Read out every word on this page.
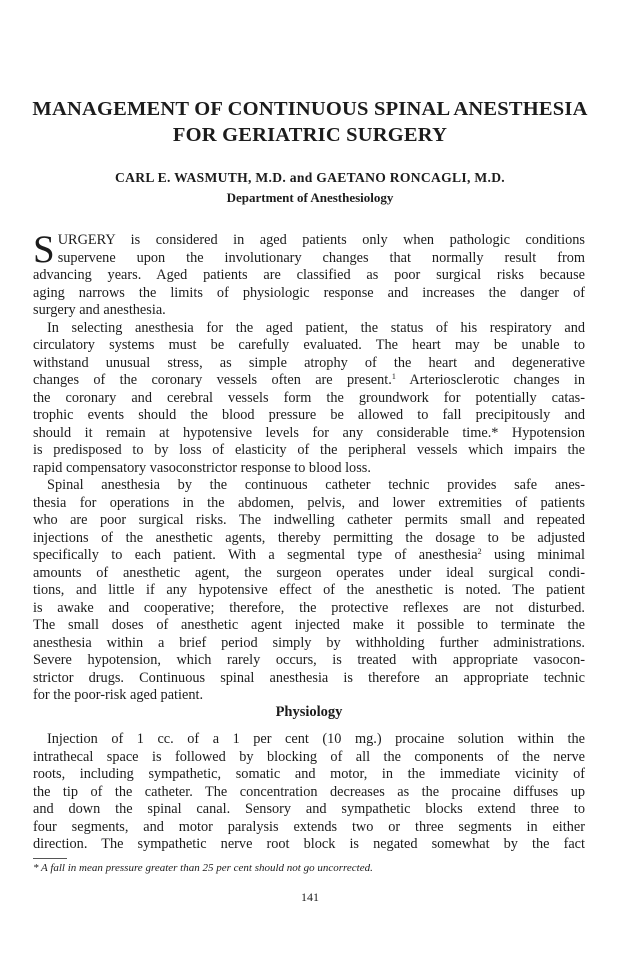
MANAGEMENT OF CONTINUOUS SPINAL ANESTHESIA
FOR GERIATRIC SURGERY
CARL E. WASMUTH, M.D. and GAETANO RONCAGLI, M.D.
Department of Anesthesiology

S URGERY is considered in aged patients only when pathologic conditions
supervene upon the involutionary changes that normally result from
advancing years. Aged patients are classified as poor surgical risks because
aging narrows the limits of physiologic response and increases the danger of
surgery and anesthesia.

In selecting anesthesia for the aged patient, the status of his respiratory and
circulatory systems must be carefully evaluated. The heart may be unable to
withstand unusual stress, as simple atrophy of the heart and degenerative
changes of the coronary vessels often are present.$^1$ Arteriosclerotic changes in
the coronary and cerebral vessels form the groundwork for potentially catas-
trophic events should the blood pressure be allowed to fall precipitously and
should it remain at hypotensive levels for any considerable time.* Hypotension
is predisposed to by loss of elasticity of the peripheral vessels which impairs the
rapid compensatory vasoconstrictor response to blood loss.

Spinal anesthesia by the continuous catheter technic provides safe anes-
thesia for operations in the abdomen, pelvis, and lower extremities of patients
who are poor surgical risks. The indwelling catheter permits small and repeated
injections of the anesthetic agents, thereby permitting the dosage to be adjusted
specifically to each patient. With a segmental type of anesthesia$^2$ using minimal
amounts of anesthetic agent, the surgeon operates under ideal surgical condi-
tions, and little if any hypotensive effect of the anesthetic is noted. The patient
is awake and cooperative; therefore, the protective reflexes are not disturbed.
The small doses of anesthetic agent injected make it possible to terminate the
anesthesia within a brief period simply by withholding further administrations.
Severe hypotension, which rarely occurs, is treated with appropriate vasocon-
strictor drugs. Continuous spinal anesthesia is therefore an appropriate technic
for the poor-risk aged patient.

Physiology

Injection of 1 cc. of a 1 per cent (10 mg.) procaine solution within the
intrathecal space is followed by blocking of all the components of the nerve
roots, including sympathetic, somatic and motor, in the immediate vicinity of
the tip of the catheter. The concentration decreases as the procaine diffuses up
and down the spinal canal. Sensory and sympathetic blocks extend three to
four segments, and motor paralysis extends two or three segments in either
direction. The sympathetic nerve root block is negated somewhat by the fact

* A fall in mean pressure greater than 25 per cent should not go uncorrected.
141
